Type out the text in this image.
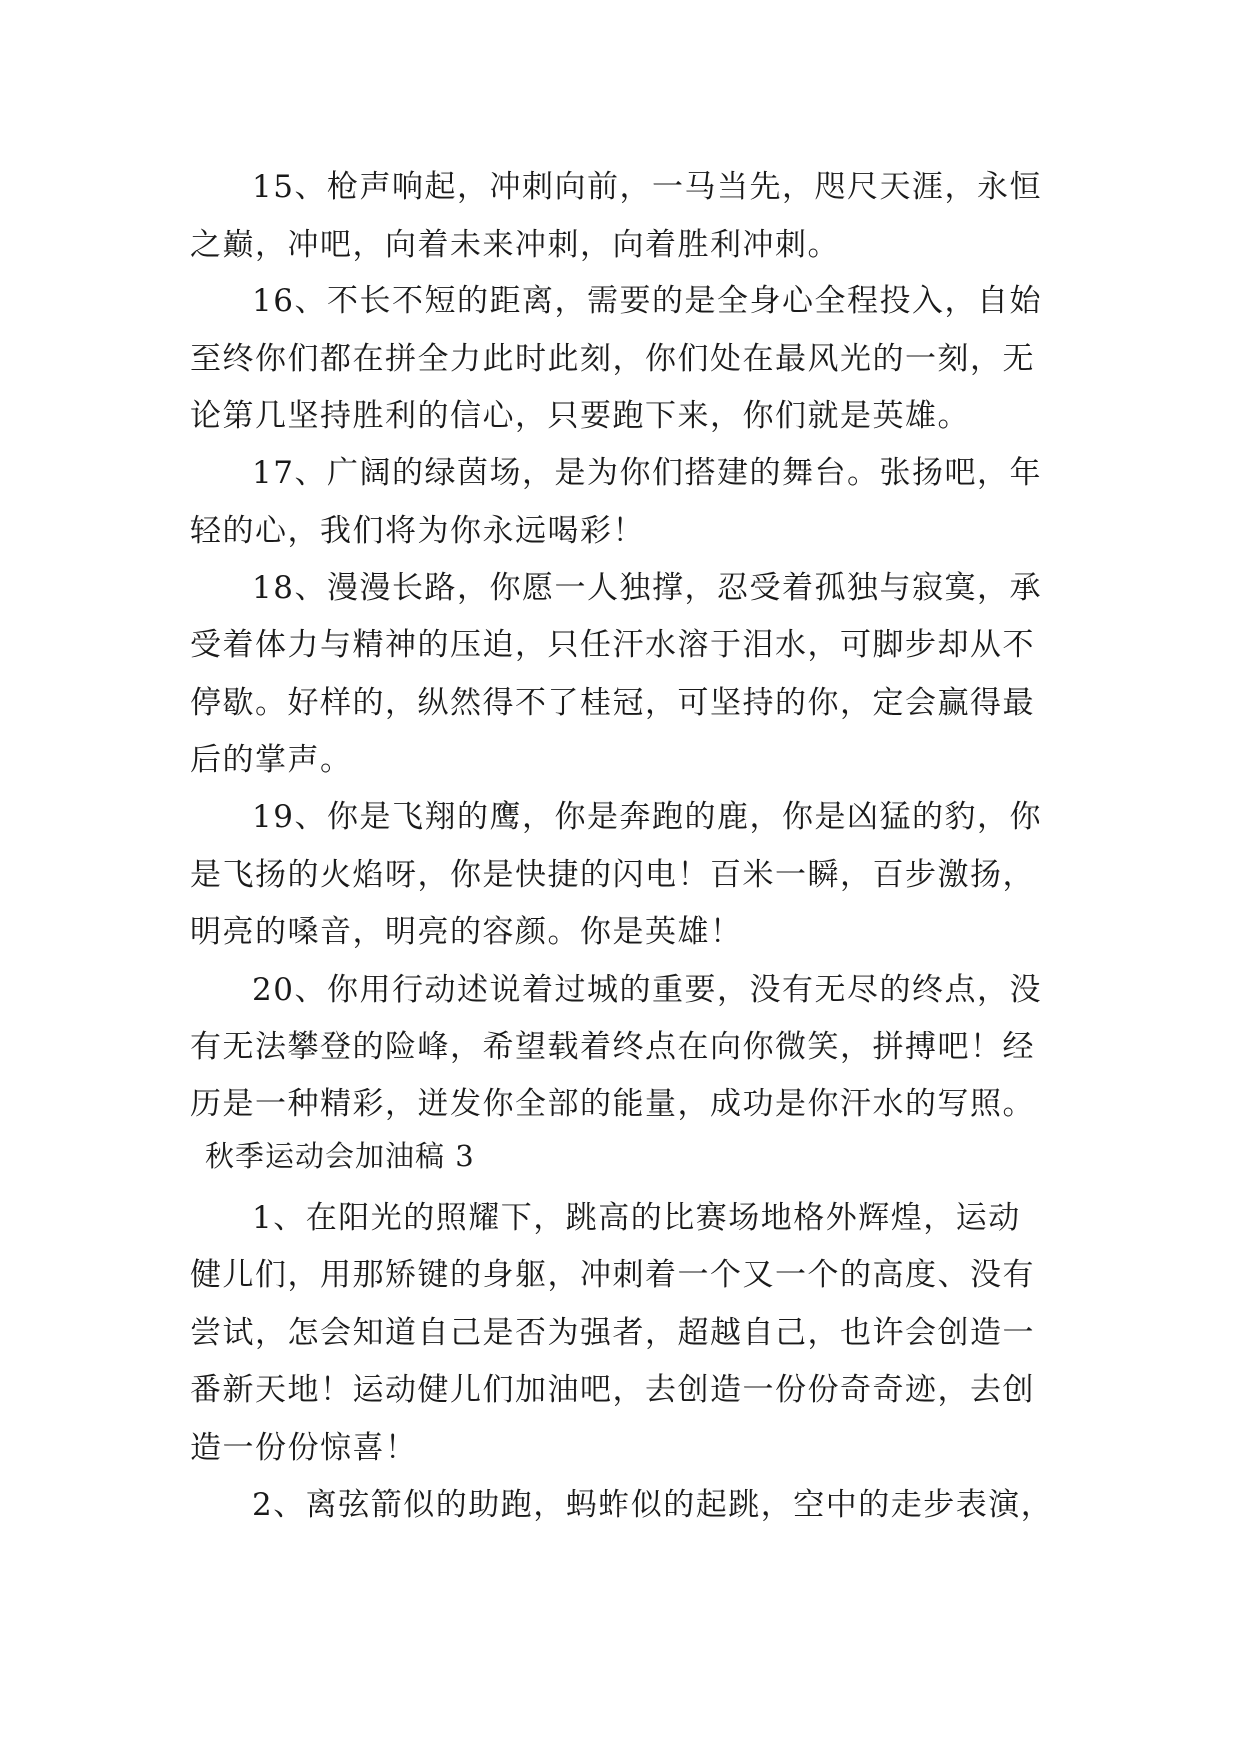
15、枪声响起，冲刺向前，一马当先，咫尺天涯，永恒
之巅，冲吧，向着未来冲刺，向着胜利冲刺。
16、不长不短的距离，需要的是全身心全程投入，自始
至终你们都在拼全力此时此刻，你们处在最风光的一刻，无
论第几坚持胜利的信心，只要跑下来，你们就是英雄。
17、广阔的绿茵场，是为你们搭建的舞台。张扬吧，年
轻的心，我们将为你永远喝彩！
18、漫漫长路，你愿一人独撑，忍受着孤独与寂寞，承
受着体力与精神的压迫，只任汗水溶于泪水，可脚步却从不
停歇。好样的，纵然得不了桂冠，可坚持的你，定会赢得最
后的掌声。
19、你是飞翔的鹰，你是奔跑的鹿，你是凶猛的豹，你
是飞扬的火焰呀，你是快捷的闪电！百米一瞬，百步激扬，
明亮的嗓音，明亮的容颜。你是英雄！
20、你用行动述说着过城的重要，没有无尽的终点，没
有无法攀登的险峰，希望载着终点在向你微笑，拼搏吧！经
历是一种精彩，迸发你全部的能量，成功是你汗水的写照。
秋季运动会加油稿 3
1、在阳光的照耀下，跳高的比赛场地格外辉煌，运动
健儿们，用那矫键的身躯，冲刺着一个又一个的高度、没有
尝试，怎会知道自己是否为强者，超越自己，也许会创造一
番新天地！运动健儿们加油吧，去创造一份份奇奇迹，去创
造一份份惊喜！
2、离弦箭似的助跑，蚂蚱似的起跳，空中的走步表演，
